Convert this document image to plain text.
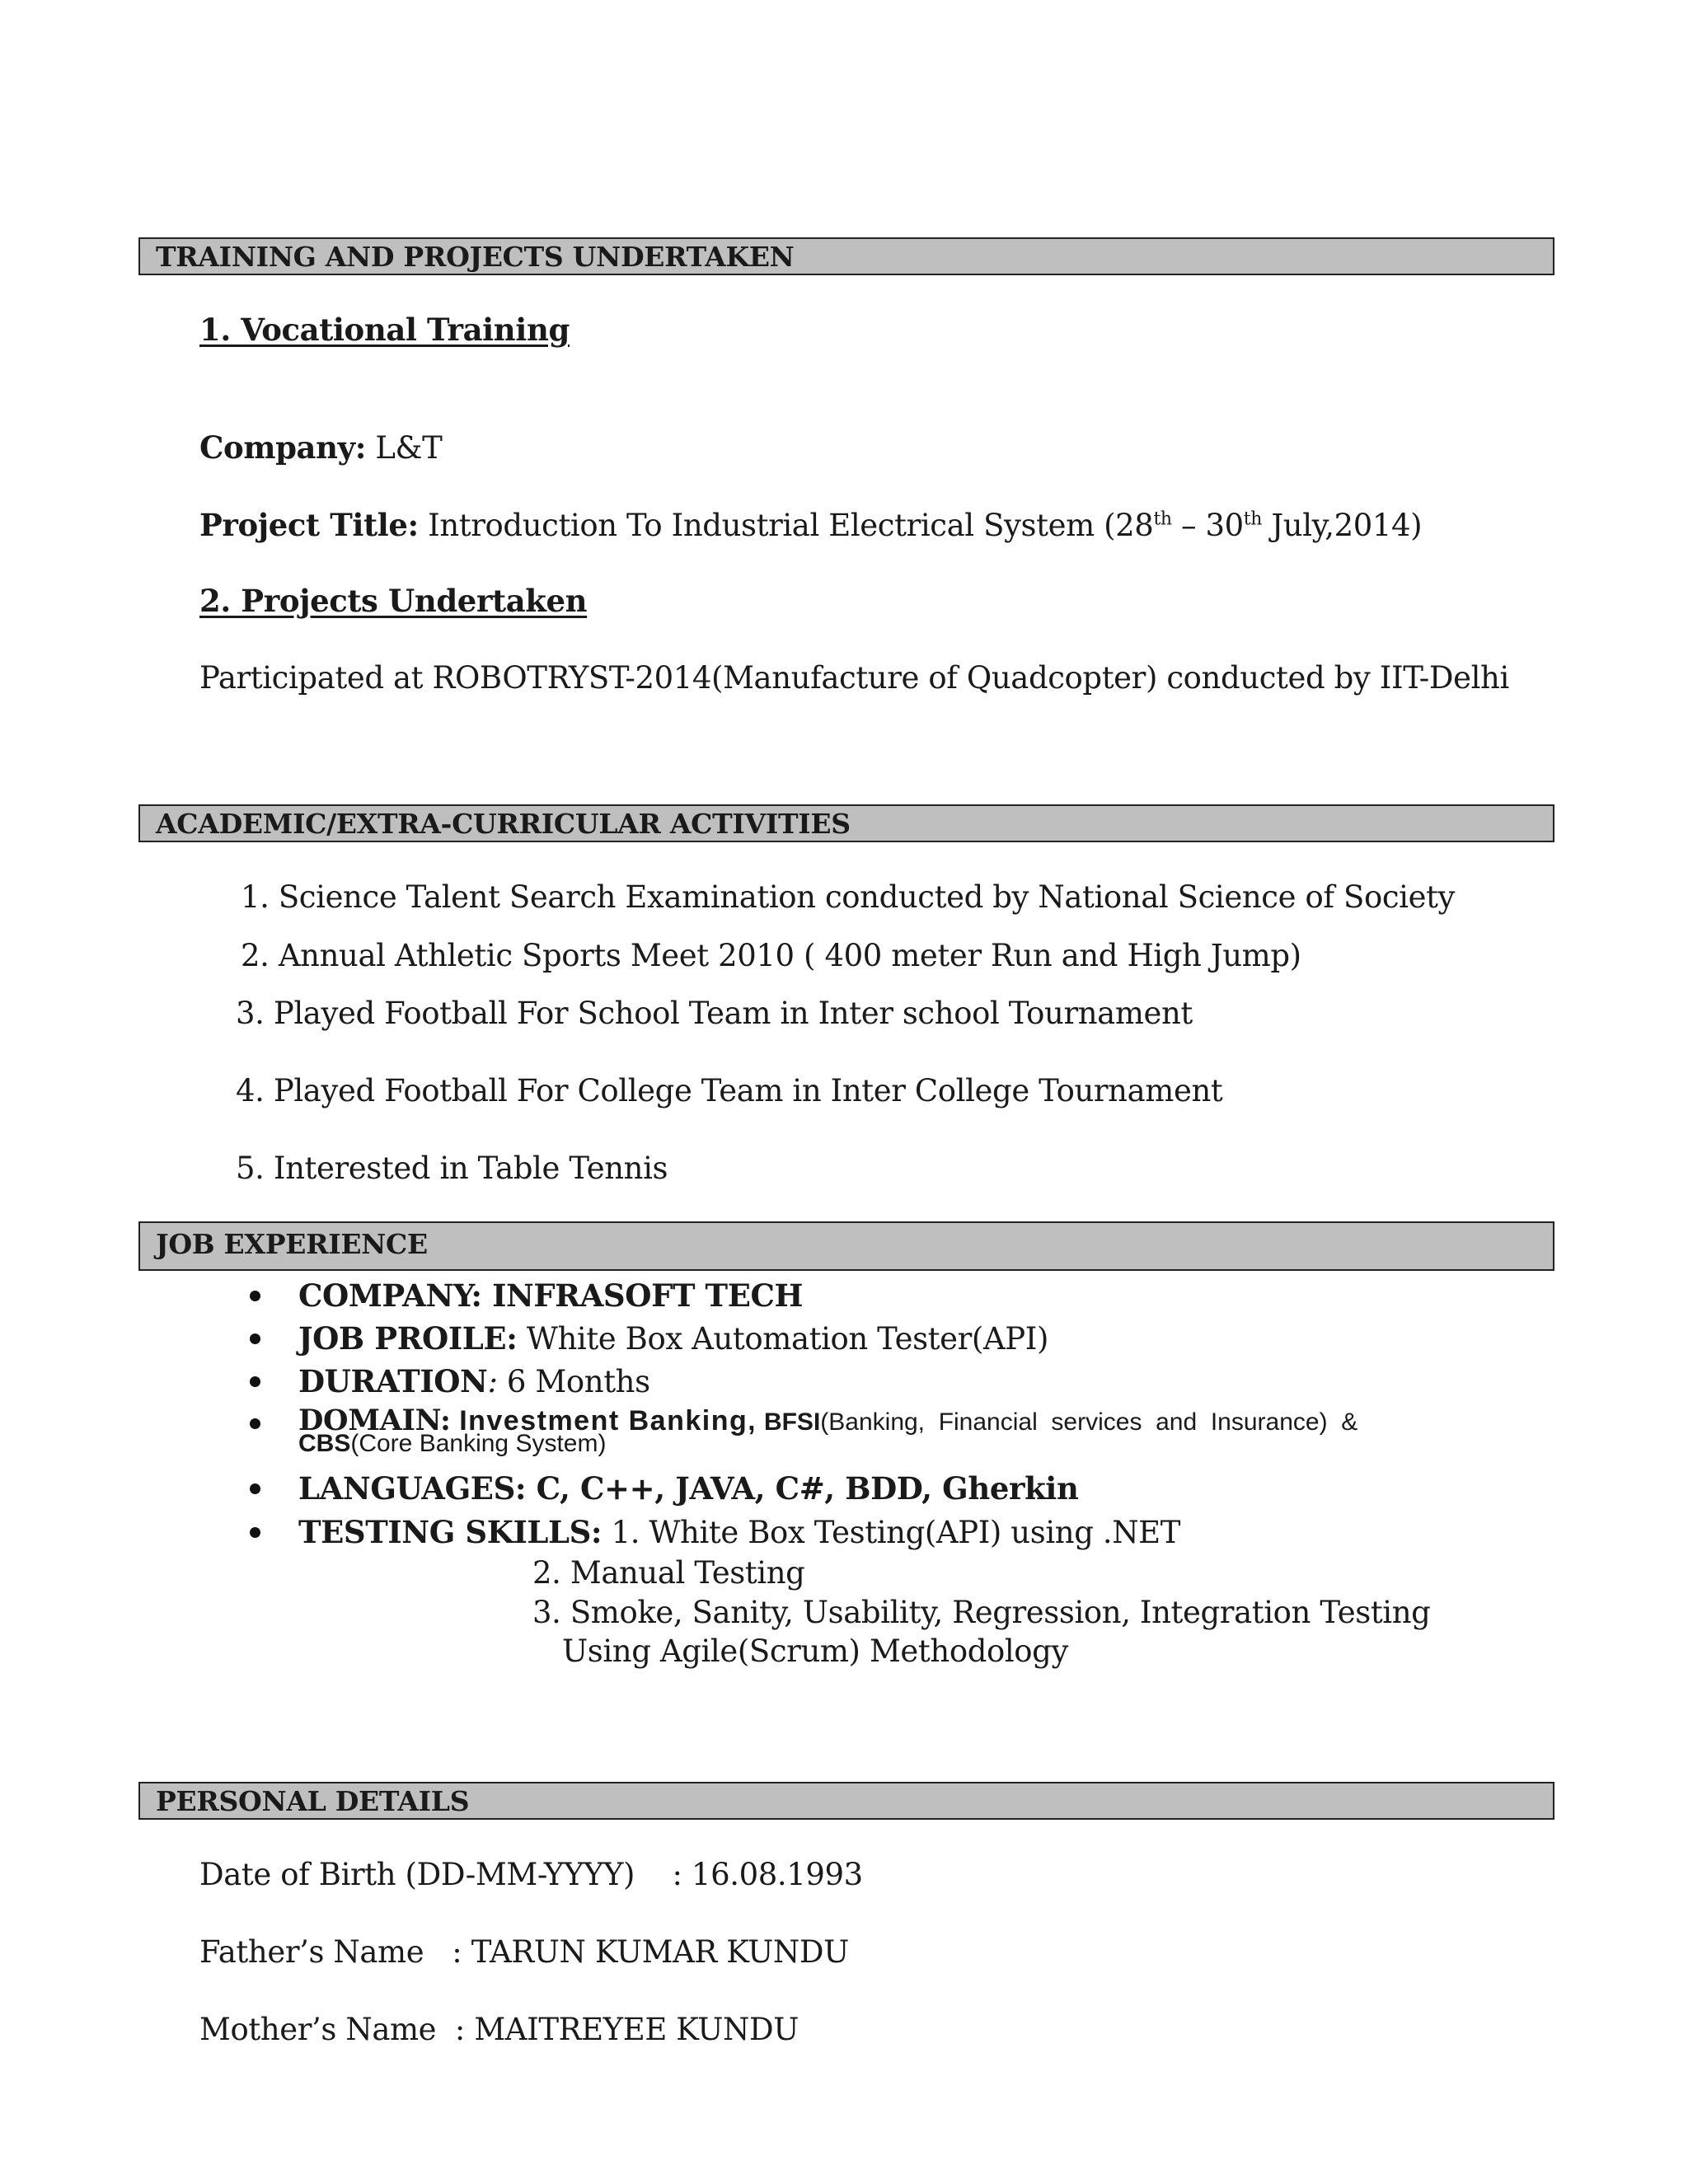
TRAINING AND PROJECTS UNDERTAKEN
1. Vocational Training
Company: L&T
Project Title: Introduction To Industrial Electrical System (28th – 30th July,2014)
2. Projects Undertaken
Participated at ROBOTRYST-2014(Manufacture of Quadcopter) conducted by IIT-Delhi
ACADEMIC/EXTRA-CURRICULAR ACTIVITIES
1. Science Talent Search Examination conducted by National Science of Society
2. Annual Athletic Sports Meet 2010 ( 400 meter Run and High Jump)
3. Played Football For School Team in Inter school Tournament
4. Played Football For College Team in Inter College Tournament
5. Interested in Table Tennis
JOB EXPERIENCE
COMPANY: INFRASOFT TECH
JOB PROILE: White Box Automation Tester(API)
DURATION: 6 Months
DOMAIN: Investment Banking, BFSI(Banking,  Financial  services  and  Insurance)  &
CBS(Core Banking System)
LANGUAGES: C, C++, JAVA, C#, BDD, Gherkin
TESTING SKILLS: 1. White Box Testing(API) using .NET
2. Manual Testing
3. Smoke, Sanity, Usability, Regression, Integration Testing
Using Agile(Scrum) Methodology
PERSONAL DETAILS
Date of Birth (DD-MM-YYYY)    : 16.08.1993
Father’s Name   : TARUN KUMAR KUNDU
Mother’s Name  : MAITREYEE KUNDU
